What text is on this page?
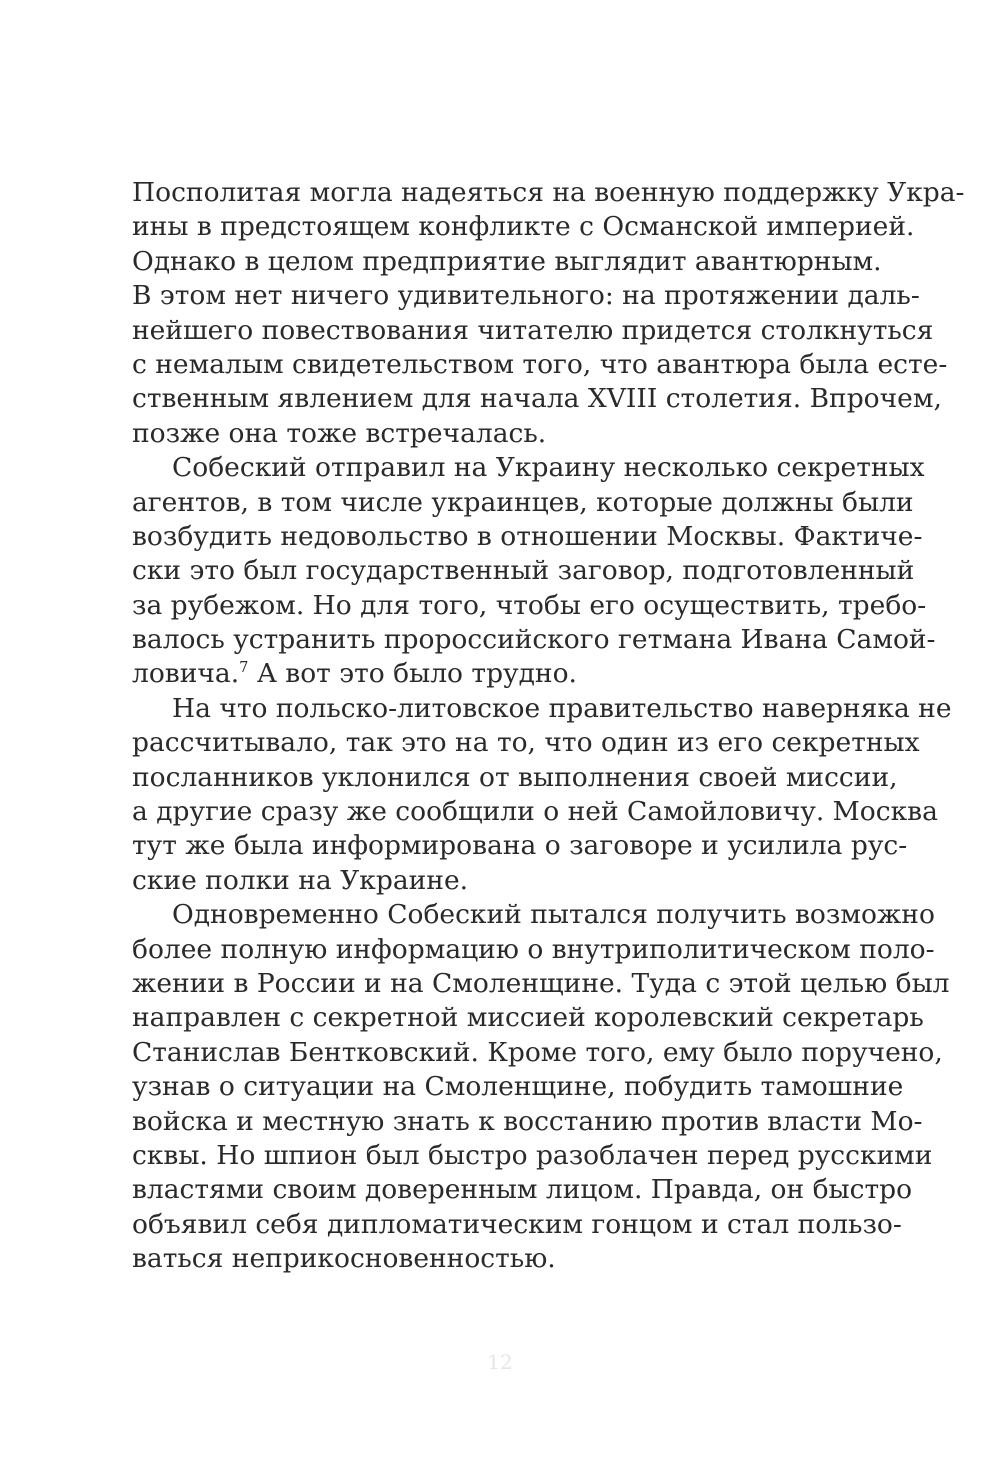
Посполитая могла надеяться на военную поддержку Укра-
ины в предстоящем конфликте с Османской империей.
Однако в целом предприятие выглядит авантюрным.
В этом нет ничего удивительного: на протяжении даль-
нейшего повествования читателю придется столкнуться
с немалым свидетельством того, что авантюра была есте-
ственным явлением для начала XVIII столетия. Впрочем,
позже она тоже встречалась.
Собеский отправил на Украину несколько секретных
агентов, в том числе украинцев, которые должны были
возбудить недовольство в отношении Москвы. Фактиче-
ски это был государственный заговор, подготовленный
за рубежом. Но для того, чтобы его осуществить, требо-
валось устранить пророссийского гетмана Ивана Самой-
ловича.$^7$ А вот это было трудно.
На что польско-литовское правительство наверняка не
рассчитывало, так это на то, что один из его секретных
посланников уклонился от выполнения своей миссии,
а другие сразу же сообщили о ней Самойловичу. Москва
тут же была информирована о заговоре и усилила рус-
ские полки на Украине.
Одновременно Собеский пытался получить возможно
более полную информацию о внутриполитическом поло-
жении в России и на Смоленщине. Туда с этой целью был
направлен с секретной миссией королевский секретарь
Станислав Бентковский. Кроме того, ему было поручено,
узнав о ситуации на Смоленщине, побудить тамошние
войска и местную знать к восстанию против власти Мо-
сквы. Но шпион был быстро разоблачен перед русскими
властями своим доверенным лицом. Правда, он быстро
объявил себя дипломатическим гонцом и стал пользо-
ваться неприкосновенностью.
12
